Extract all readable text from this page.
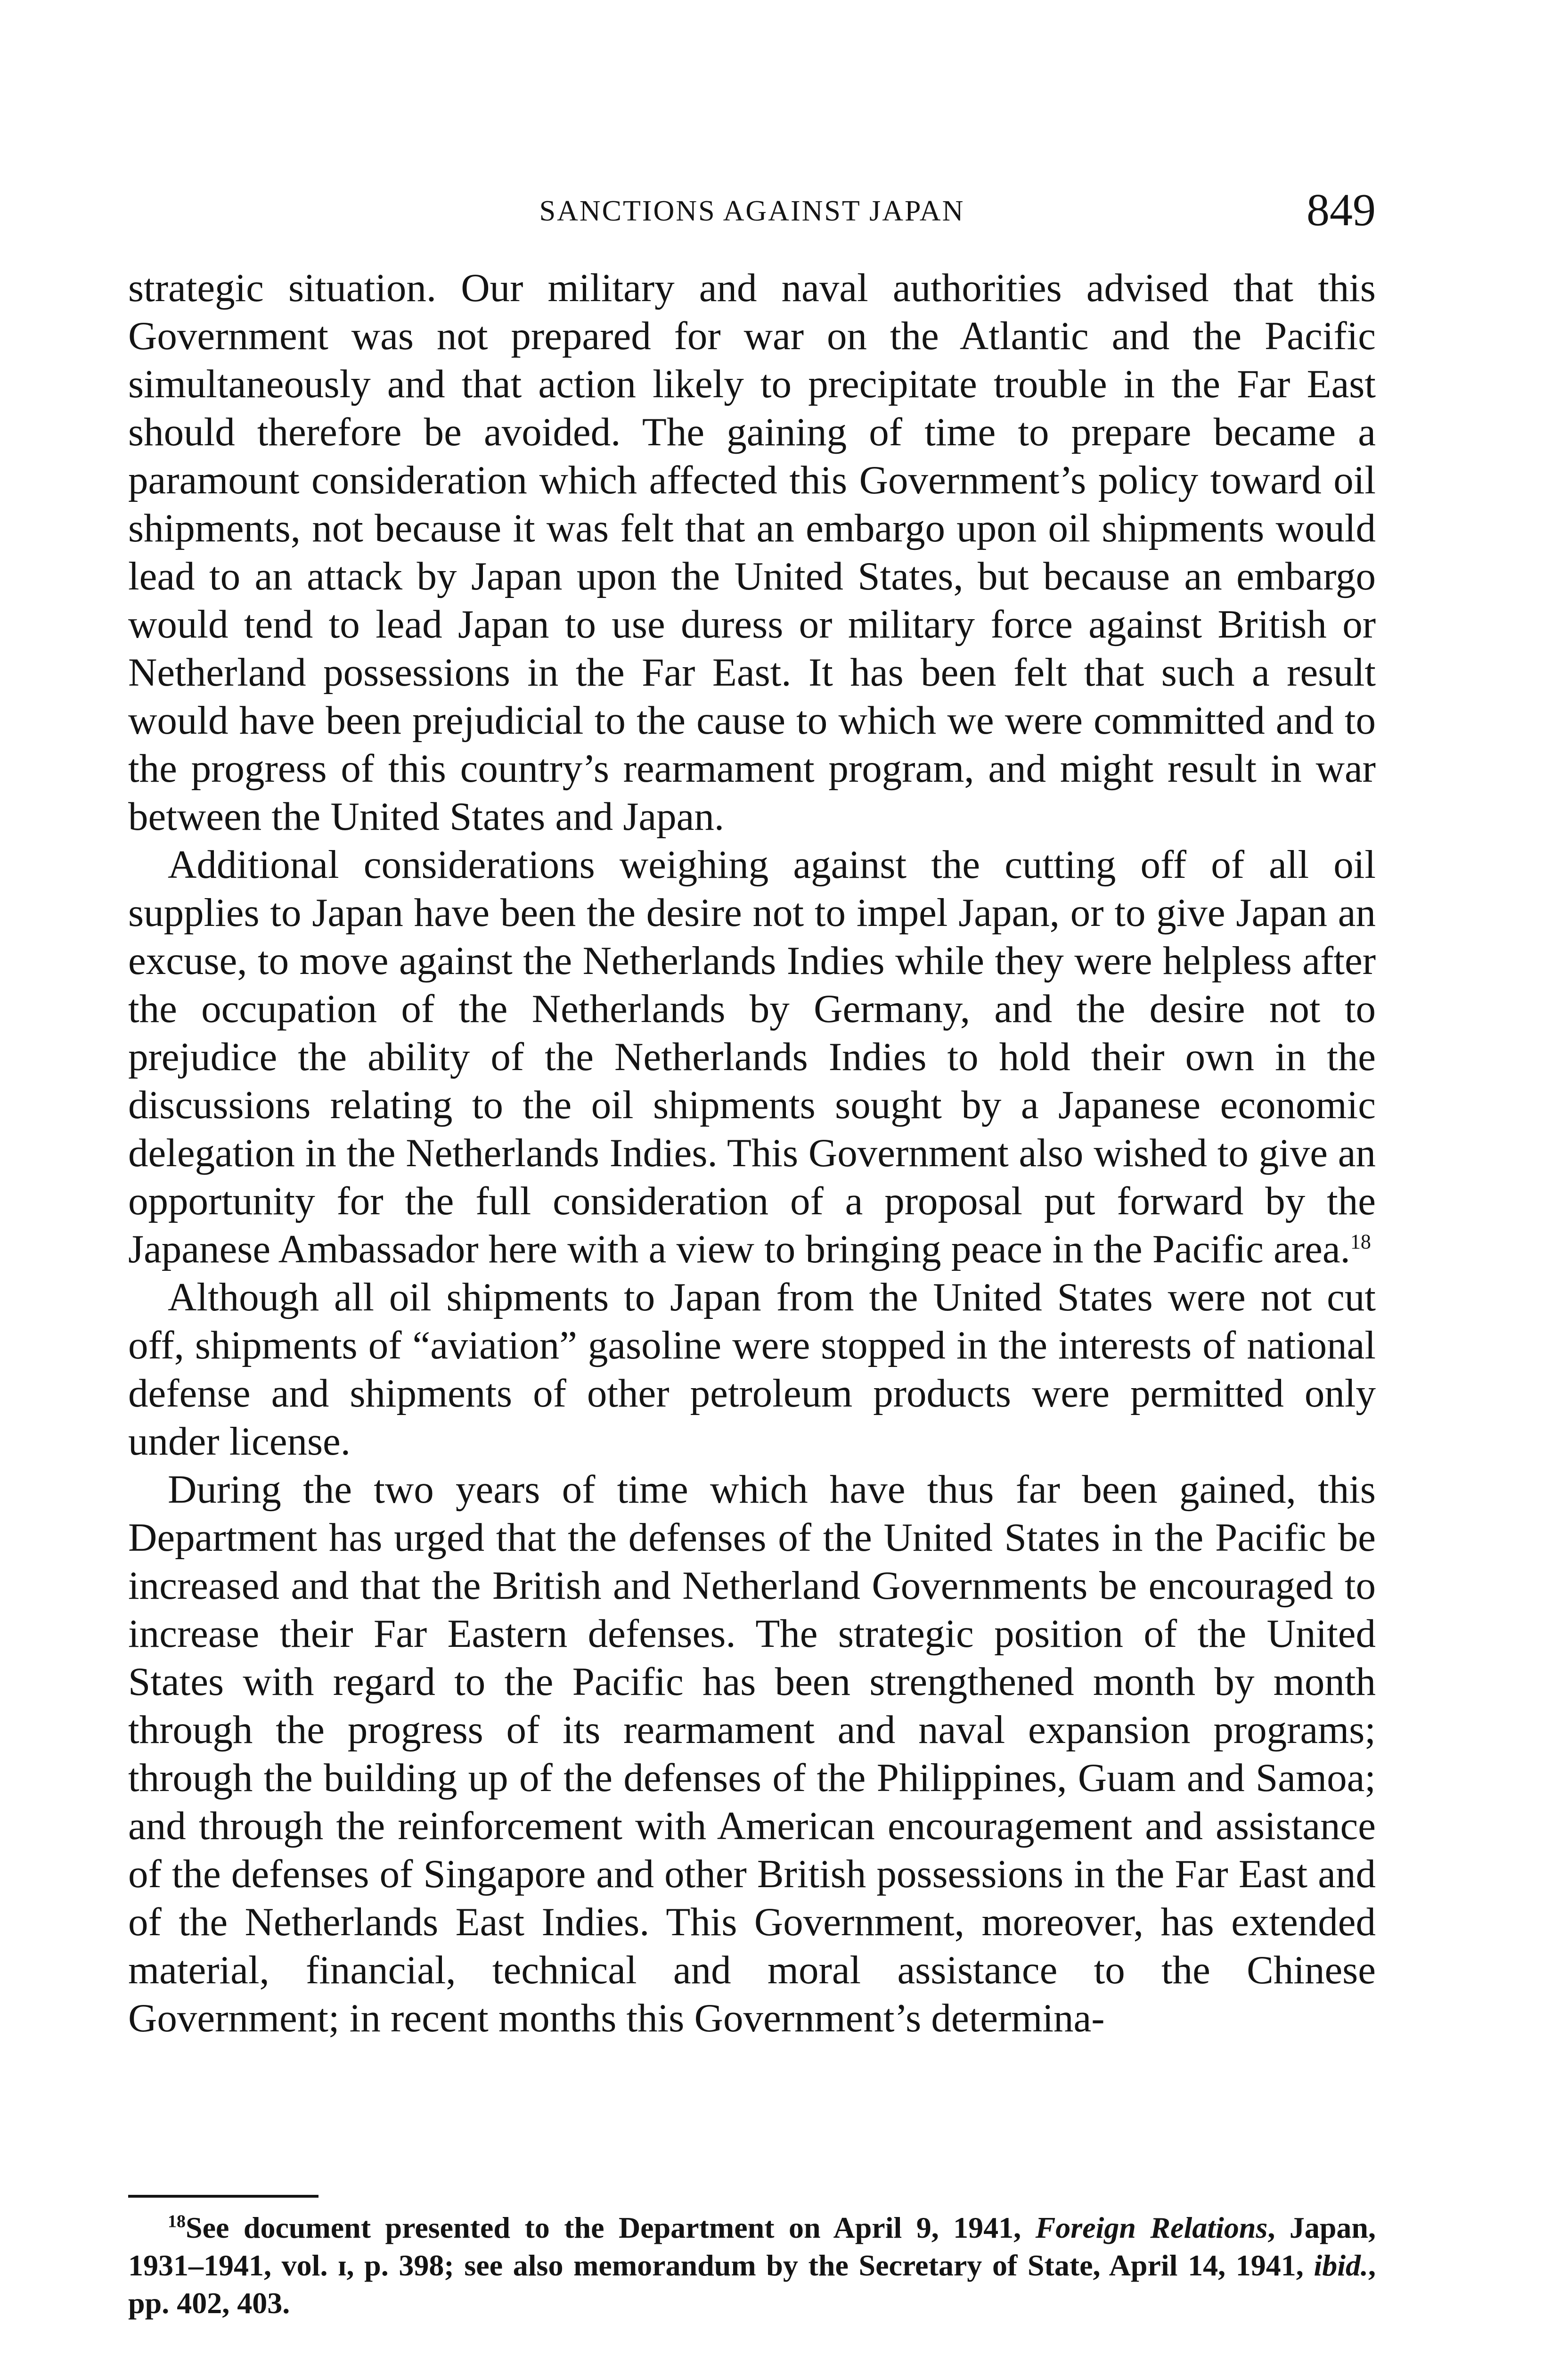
SANCTIONS AGAINST JAPAN	849

strategic situation. Our military and naval authorities advised that this Government was not prepared for war on the Atlantic and the Pacific simultaneously and that action likely to precipitate trouble in the Far East should therefore be avoided. The gaining of time to prepare became a paramount consideration which affected this Government’s policy toward oil shipments, not because it was felt that an embargo upon oil shipments would lead to an attack by Japan upon the United States, but because an embargo would tend to lead Japan to use duress or military force against British or Netherland possessions in the Far East. It has been felt that such a result would have been prejudicial to the cause to which we were committed and to the progress of this country’s rearmament program, and might result in war between the United States and Japan.

Additional considerations weighing against the cutting off of all oil supplies to Japan have been the desire not to impel Japan, or to give Japan an excuse, to move against the Netherlands Indies while they were helpless after the occupation of the Netherlands by Germany, and the desire not to prejudice the ability of the Netherlands Indies to hold their own in the discussions relating to the oil shipments sought by a Japanese economic delegation in the Netherlands Indies. This Government also wished to give an opportunity for the full consideration of a proposal put forward by the Japanese Ambassador here with a view to bringing peace in the Pacific area.$^{18}$

Although all oil shipments to Japan from the United States were not cut off, shipments of “aviation” gasoline were stopped in the interests of national defense and shipments of other petroleum products were permitted only under license.

During the two years of time which have thus far been gained, this Department has urged that the defenses of the United States in the Pacific be increased and that the British and Netherland Governments be encouraged to increase their Far Eastern defenses. The strategic position of the United States with regard to the Pacific has been strengthened month by month through the progress of its rearmament and naval expansion programs; through the building up of the defenses of the Philippines, Guam and Samoa; and through the reinforcement with American encouragement and assistance of the defenses of Singapore and other British possessions in the Far East and of the Netherlands East Indies. This Government, moreover, has extended material, financial, technical and moral assistance to the Chinese Government; in recent months this Government’s determina-

$^{18}$See document presented to the Department on April 9, 1941, Foreign Relations, Japan, 1931–1941, vol. ɪ, p. 398; see also memorandum by the Secretary of State, April 14, 1941, ibid., pp. 402, 403.
